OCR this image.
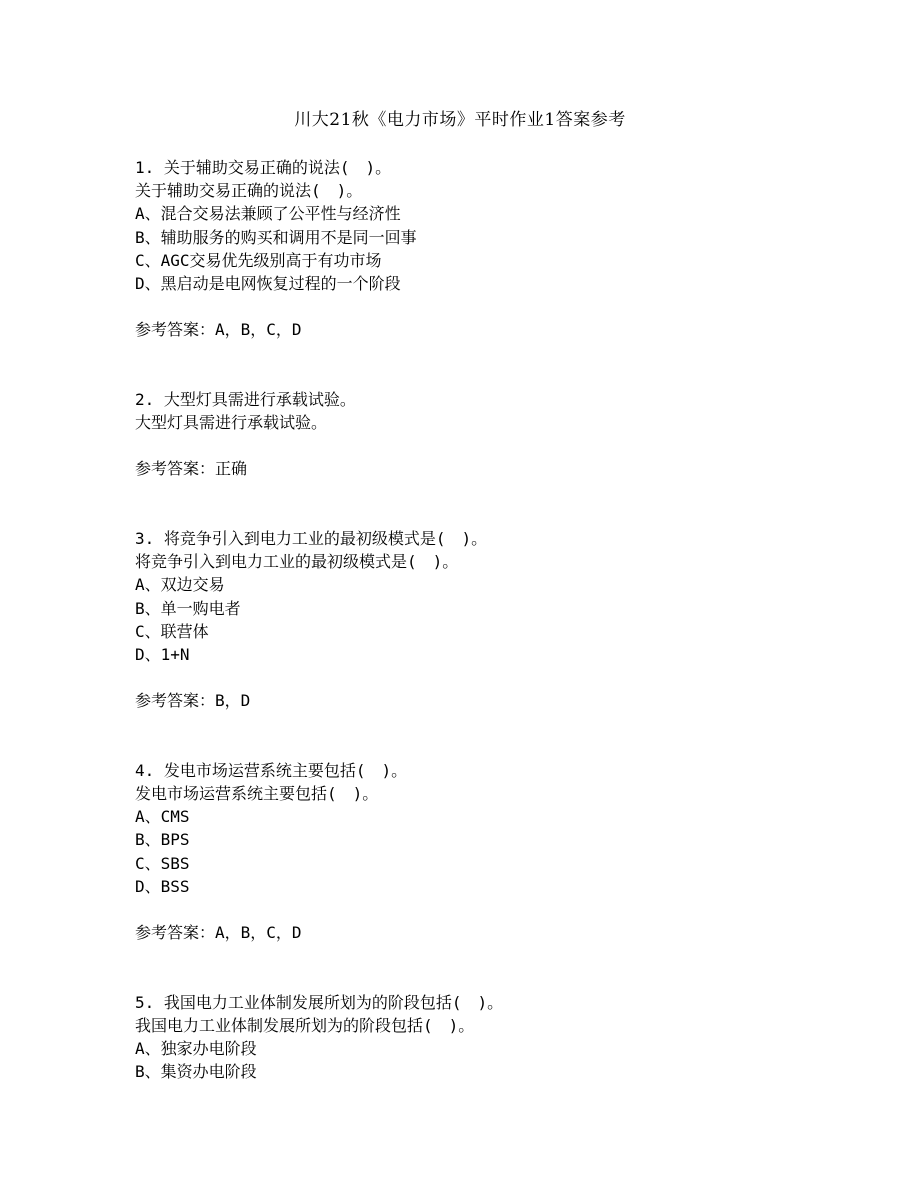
川大21秋《电力市场》平时作业1答案参考
1. 关于辅助交易正确的说法(　)。
关于辅助交易正确的说法(　)。
A、混合交易法兼顾了公平性与经济性
B、辅助服务的购买和调用不是同一回事
C、AGC交易优先级别高于有功市场
D、黑启动是电网恢复过程的一个阶段
参考答案：A，B，C，D
2. 大型灯具需进行承载试验。
大型灯具需进行承载试验。
参考答案：正确
3. 将竞争引入到电力工业的最初级模式是(　)。
将竞争引入到电力工业的最初级模式是(　)。
A、双边交易
B、单一购电者
C、联营体
D、1+N
参考答案：B，D
4. 发电市场运营系统主要包括(　)。
发电市场运营系统主要包括(　)。
A、CMS
B、BPS
C、SBS
D、BSS
参考答案：A，B，C，D
5. 我国电力工业体制发展所划为的阶段包括(　)。
我国电力工业体制发展所划为的阶段包括(　)。
A、独家办电阶段
B、集资办电阶段
